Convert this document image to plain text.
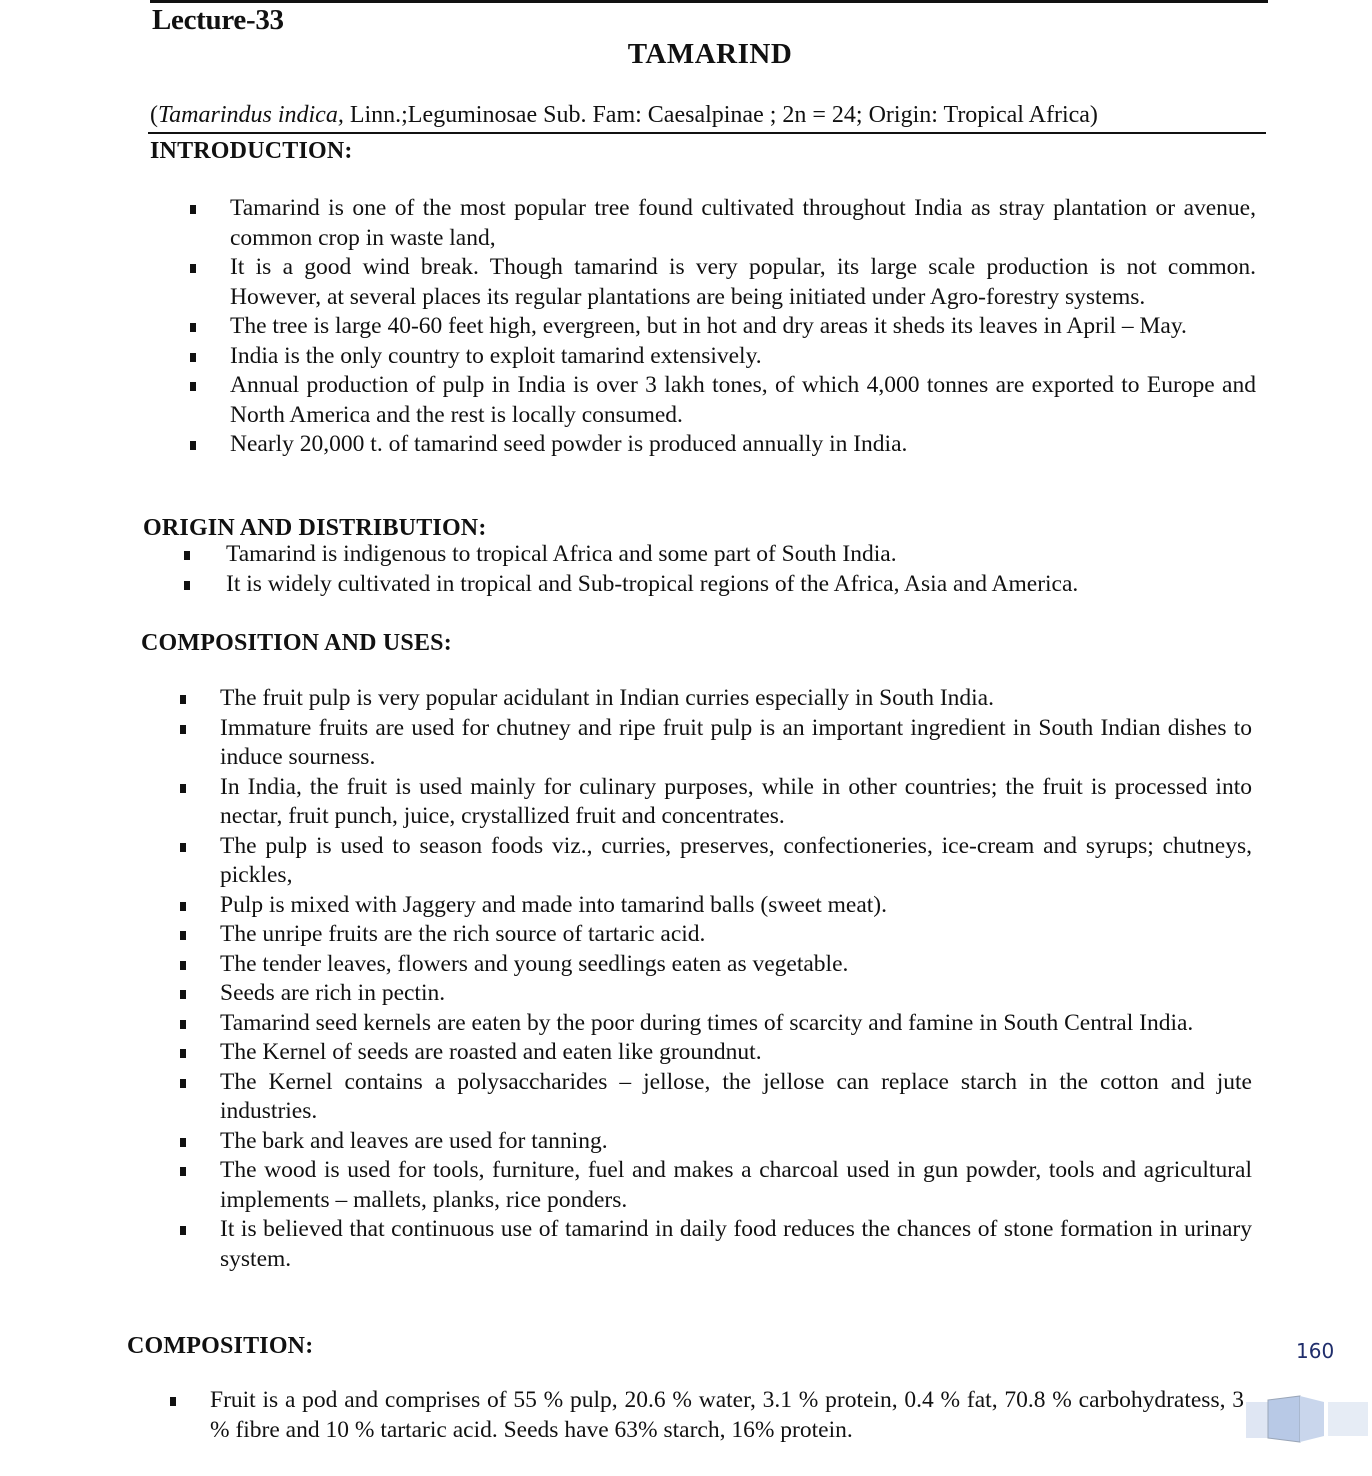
Lecture-33
TAMARIND
(Tamarindus indica, Linn.;Leguminosae Sub. Fam: Caesalpinae ; 2n = 24; Origin: Tropical Africa)
INTRODUCTION:
Tamarind is one of the most popular tree found cultivated throughout India as stray plantation or avenue, common crop in waste land,
It is a good wind break. Though tamarind is very popular, its large scale production is not common. However, at several places its regular plantations are being initiated under Agro-forestry systems.
The tree is large 40-60 feet high, evergreen, but in hot and dry areas it sheds its leaves in April – May.
India is the only country to exploit tamarind extensively.
Annual production of pulp in India is over 3 lakh tones, of which 4,000 tonnes are exported to Europe and North America and the rest is locally consumed.
Nearly 20,000 t. of tamarind seed powder is produced annually in India.
ORIGIN AND DISTRIBUTION:
Tamarind is indigenous to tropical Africa and some part of South India.
It is widely cultivated in tropical and Sub-tropical regions of the Africa, Asia and America.
COMPOSITION AND USES:
The fruit pulp is very popular acidulant in Indian curries especially in South India.
Immature fruits are used for chutney and ripe fruit pulp is an important ingredient in South Indian dishes to induce sourness.
In India, the fruit is used mainly for culinary purposes, while in other countries; the fruit is processed into nectar, fruit punch, juice, crystallized fruit and concentrates.
The pulp is used to season foods viz., curries, preserves, confectioneries, ice-cream and syrups; chutneys, pickles,
Pulp is mixed with Jaggery and made into tamarind balls (sweet meat).
The unripe fruits are the rich source of tartaric acid.
The tender leaves, flowers and young seedlings eaten as vegetable.
Seeds are rich in pectin.
Tamarind seed kernels are eaten by the poor during times of scarcity and famine in South Central India.
The Kernel of seeds are roasted and eaten like groundnut.
The Kernel contains a polysaccharides – jellose, the jellose can replace starch in the cotton and jute industries.
The bark and leaves are used for tanning.
The wood is used for tools, furniture, fuel and makes a charcoal used in gun powder, tools and agricultural implements – mallets, planks, rice ponders.
It is believed that continuous use of tamarind in daily food reduces the chances of stone formation in urinary system.
COMPOSITION:
Fruit is a pod and comprises of 55 % pulp, 20.6 % water, 3.1 % protein, 0.4 % fat, 70.8 % carbohydratess, 3 % fibre and 10 % tartaric acid. Seeds have 63% starch, 16% protein.
160
